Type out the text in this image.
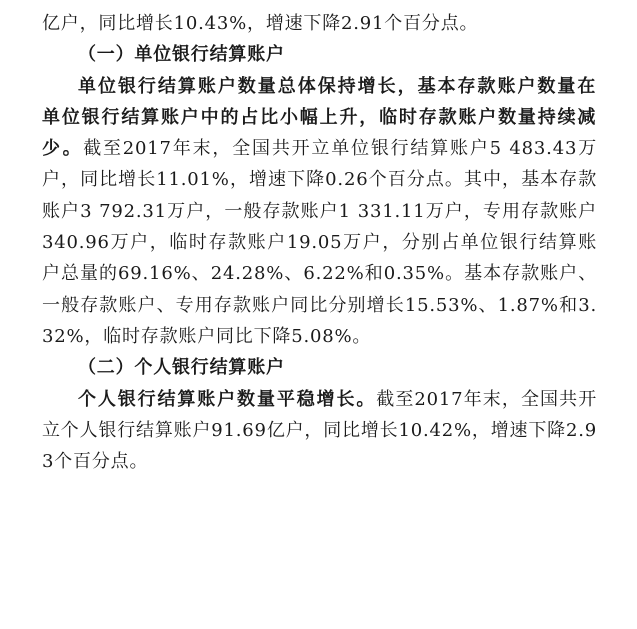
亿户，同比增长10.43%，增速下降2.91个百分点。

（一）单位银行结算账户

单位银行结算账户数量总体保持增长，基本存款账户数量在单位银行结算账户中的占比小幅上升，临时存款账户数量持续减少。截至2017年末，全国共开立单位银行结算账户5 483.43万户，同比增长11.01%，增速下降0.26个百分点。其中，基本存款账户3 792.31万户，一般存款账户1 331.11万户，专用存款账户340.96万户，临时存款账户19.05万户，分别占单位银行结算账户总量的69.16%、24.28%、6.22%和0.35%。基本存款账户、一般存款账户、专用存款账户同比分别增长15.53%、1.87%和3.32%，临时存款账户同比下降5.08%。

（二）个人银行结算账户

个人银行结算账户数量平稳增长。截至2017年末，全国共开立个人银行结算账户91.69亿户，同比增长10.42%，增速下降2.93个百分点。
